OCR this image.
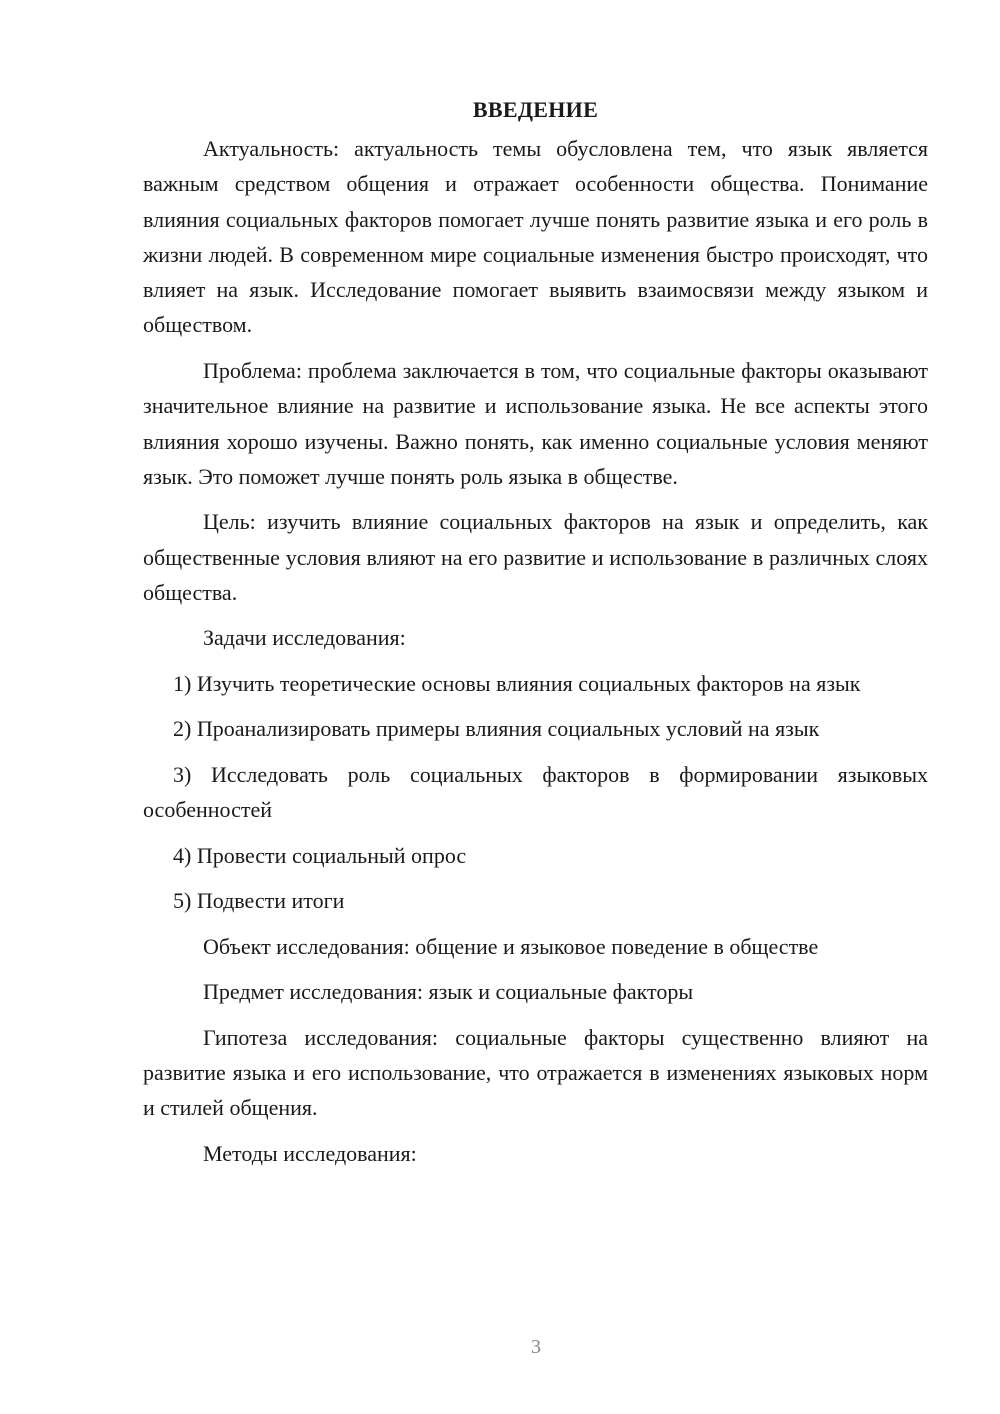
ВВЕДЕНИЕ

Актуальность: актуальность темы обусловлена тем, что язык является важным средством общения и отражает особенности общества. Понимание влияния социальных факторов помогает лучше понять развитие языка и его роль в жизни людей. В современном мире социальные изменения быстро происходят, что влияет на язык. Исследование помогает выявить взаимосвязи между языком и обществом.

Проблема: проблема заключается в том, что социальные факторы оказывают значительное влияние на развитие и использование языка. Не все аспекты этого влияния хорошо изучены. Важно понять, как именно социальные условия меняют язык. Это поможет лучше понять роль языка в обществе.

Цель: изучить влияние социальных факторов на язык и определить, как общественные условия влияют на его развитие и использование в различных слоях общества.

Задачи исследования:

1) Изучить теоретические основы влияния социальных факторов на язык

2) Проанализировать примеры влияния социальных условий на язык

3) Исследовать роль социальных факторов в формировании языковых особенностей

4) Провести социальный опрос

5) Подвести итоги

Объект исследования: общение и языковое поведение в обществе

Предмет исследования: язык и социальные факторы

Гипотеза исследования: социальные факторы существенно влияют на развитие языка и его использование, что отражается в изменениях языковых норм и стилей общения.

Методы исследования:

3
